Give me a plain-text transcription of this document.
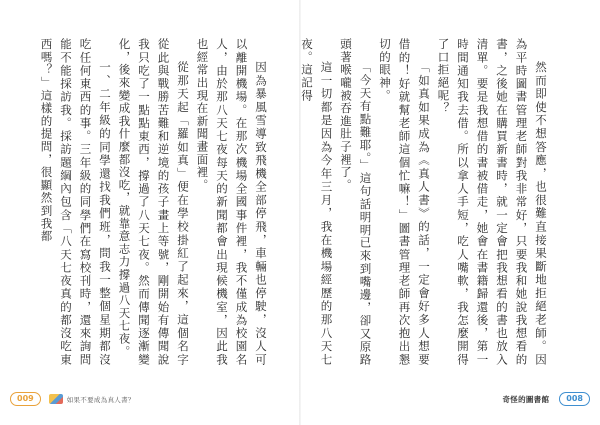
因為暴風雪導致飛機全部停飛，車輛也停駛，沒人可以離開機場。在那次機場全國事件裡，我不僅成為校園名人，由於那八天七夜每天的新聞都會出現候機室，因此我也經常出現在新聞畫面裡。

從那天起「羅如真」便在學校掛紅了起來，這個名字從此與戰勝苦難和逆境的孩子畫上等號，剛開始有傳聞說我只吃了一點點東西，撐過了八天七夜。然而傳聞逐漸變化，後來變成我什麼都沒吃，就靠意志力撐過八天七夜。

一、二年級的同學還找我們班，問我一整個星期都沒吃任何東西的事。三年級的同學們在寫校刊時，還來詢問能不能採訪我。採訪題綱內包含「八天七夜真的都沒吃東西嗎？」這樣的提問，很顯然到我都

009	如果不要成為真人書？

然而即使不想答應，也很難直接果斷地拒絕老師。因為平時圖書管理老師對我非常好，只要我和她說我想看的書，之後她在購買新書時，就一定會把我想看的書也放入清單。要是我想借的書被借走，她會在書籍歸還後，第一時間通知我去借。所以拿人手短，吃人嘴軟，我怎麼開得了口拒絕呢？

「如真如果成為《真人書》的話，一定會好多人想要借的！好就幫老師這個忙嘛！」圖書管理老師再次抱出懇切的眼神。

「今天有點難耶。」這句話明明已來到嘴邊，卻又原路頭著喉嚨被吞進肚子裡了。

這一切都是因為今年三月，我在機場經歷的那八天七夜。這記得

奇怪的圖書館	008
